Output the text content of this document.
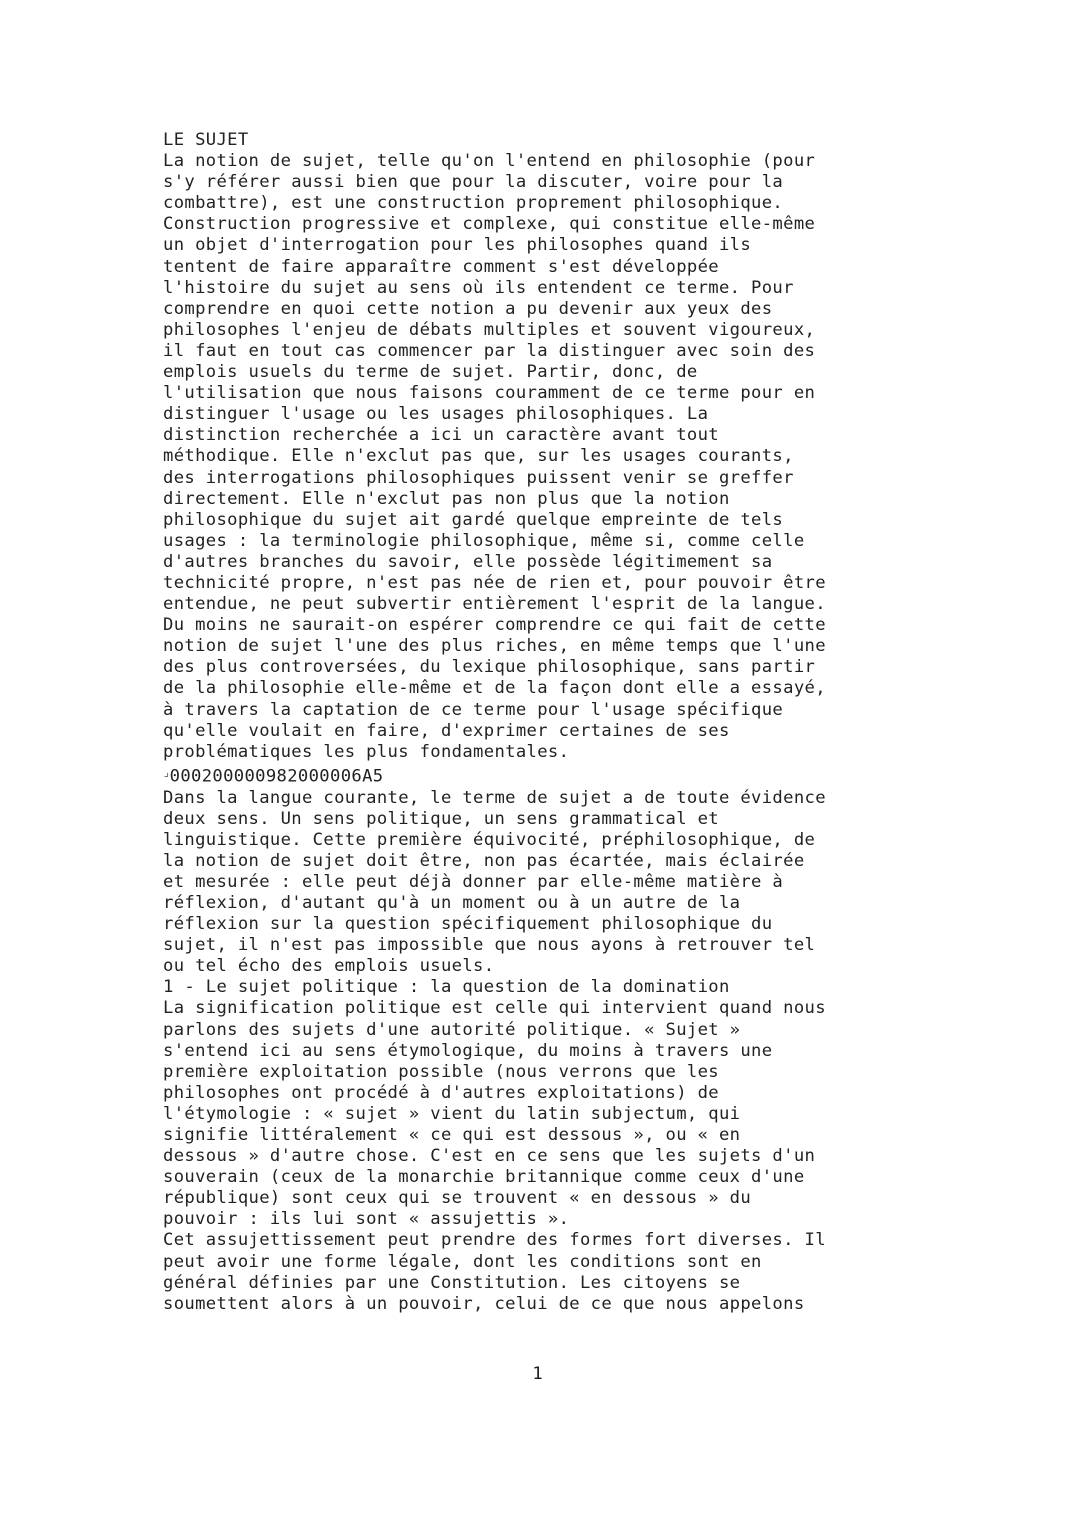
LE SUJET
La notion de sujet, telle qu'on l'entend en philosophie (pour
s'y référer aussi bien que pour la discuter, voire pour la
combattre), est une construction proprement philosophique.
Construction progressive et complexe, qui constitue elle-même
un objet d'interrogation pour les philosophes quand ils
tentent de faire apparaître comment s'est développée
l'histoire du sujet au sens où ils entendent ce terme. Pour
comprendre en quoi cette notion a pu devenir aux yeux des
philosophes l'enjeu de débats multiples et souvent vigoureux,
il faut en tout cas commencer par la distinguer avec soin des
emplois usuels du terme de sujet. Partir, donc, de
l'utilisation que nous faisons couramment de ce terme pour en
distinguer l'usage ou les usages philosophiques. La
distinction recherchée a ici un caractère avant tout
méthodique. Elle n'exclut pas que, sur les usages courants,
des interrogations philosophiques puissent venir se greffer
directement. Elle n'exclut pas non plus que la notion
philosophique du sujet ait gardé quelque empreinte de tels
usages : la terminologie philosophique, même si, comme celle
d'autres branches du savoir, elle possède légitimement sa
technicité propre, n'est pas née de rien et, pour pouvoir être
entendue, ne peut subvertir entièrement l'esprit de la langue.
Du moins ne saurait-on espérer comprendre ce qui fait de cette
notion de sujet l'une des plus riches, en même temps que l'une
des plus controversées, du lexique philosophique, sans partir
de la philosophie elle-même et de la façon dont elle a essayé,
à travers la captation de ce terme pour l'usage spécifique
qu'elle voulait en faire, d'exprimer certaines de ses
problématiques les plus fondamentales.
⌟000200000982000006A5
Dans la langue courante, le terme de sujet a de toute évidence
deux sens. Un sens politique, un sens grammatical et
linguistique. Cette première équivocité, préphilosophique, de
la notion de sujet doit être, non pas écartée, mais éclairée
et mesurée : elle peut déjà donner par elle-même matière à
réflexion, d'autant qu'à un moment ou à un autre de la
réflexion sur la question spécifiquement philosophique du
sujet, il n'est pas impossible que nous ayons à retrouver tel
ou tel écho des emplois usuels.
1 - Le sujet politique : la question de la domination
La signification politique est celle qui intervient quand nous
parlons des sujets d'une autorité politique. « Sujet »
s'entend ici au sens étymologique, du moins à travers une
première exploitation possible (nous verrons que les
philosophes ont procédé à d'autres exploitations) de
l'étymologie : « sujet » vient du latin subjectum, qui
signifie littéralement « ce qui est dessous », ou « en
dessous » d'autre chose. C'est en ce sens que les sujets d'un
souverain (ceux de la monarchie britannique comme ceux d'une
république) sont ceux qui se trouvent « en dessous » du
pouvoir : ils lui sont « assujettis ».
Cet assujettissement peut prendre des formes fort diverses. Il
peut avoir une forme légale, dont les conditions sont en
général définies par une Constitution. Les citoyens se
soumettent alors à un pouvoir, celui de ce que nous appelons
1
